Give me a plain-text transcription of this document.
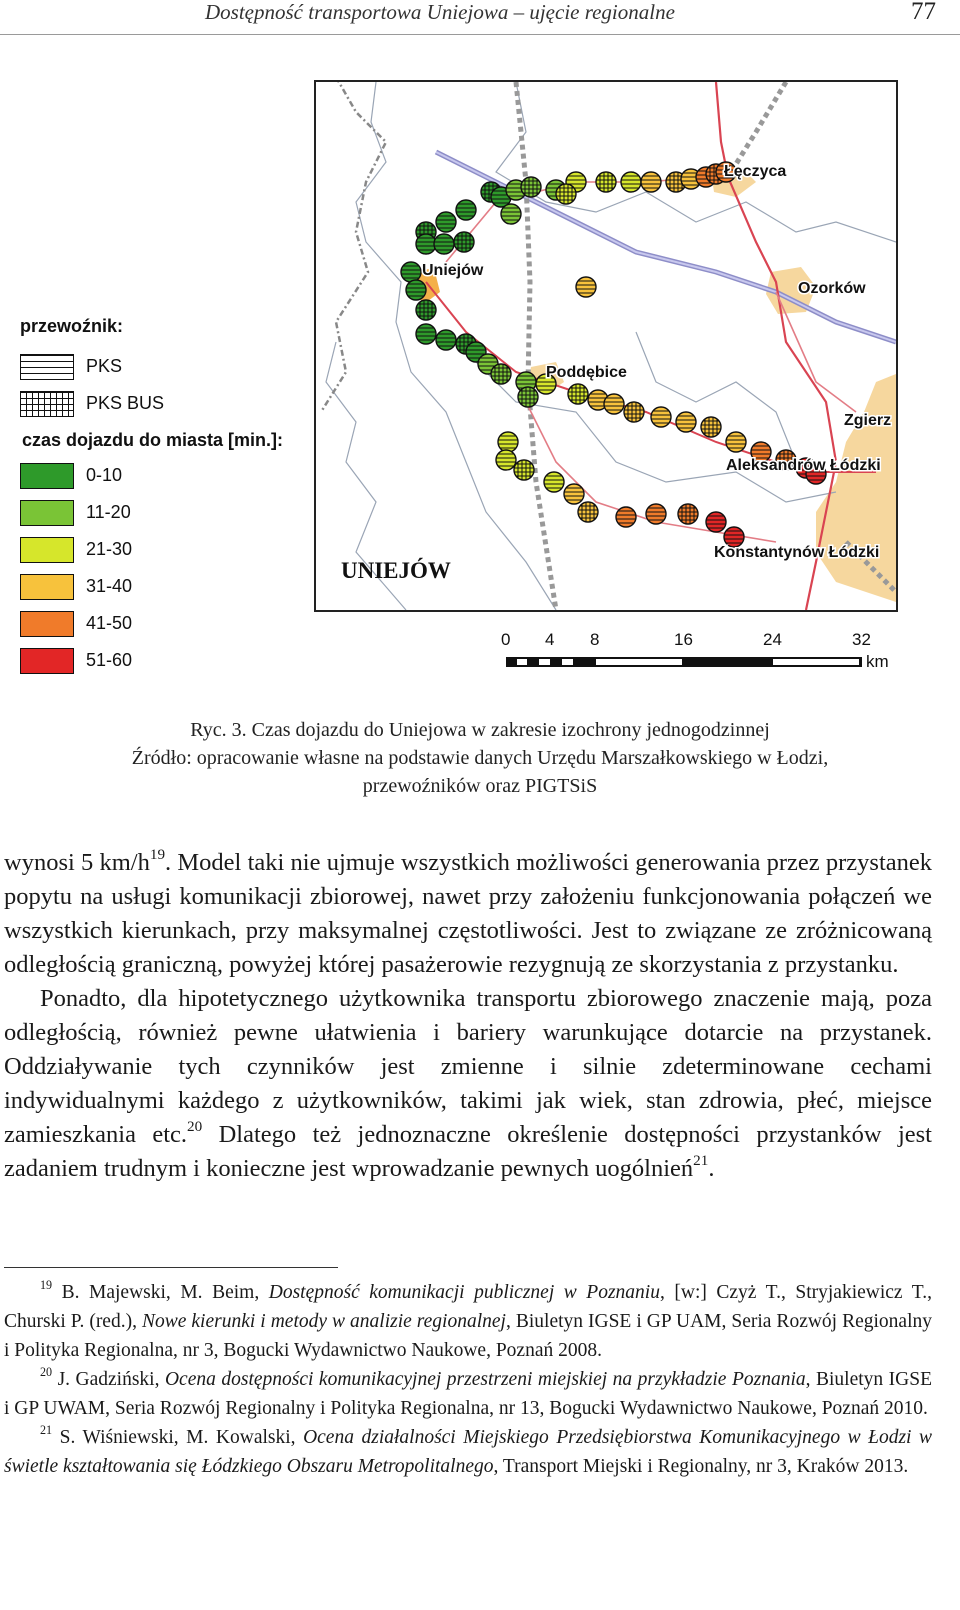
Dostępność transportowa Uniejowa – ujęcie regionalne	77
przewoźnik:
PKS
PKS BUS
czas dojazdu do miasta [min.]:
0-10
11-20
21-30
31-40
41-50
51-60
Łęczyca
Uniejów
Ozorków
Poddębice
Zgierz
Aleksandrów Łódzki
Konstantynów Łódzki
UNIEJÓW
0 4 8	16	24	32
km
Ryc. 3. Czas dojazdu do Uniejowa w zakresie izochrony jednogodzinnej
Źródło: opracowanie własne na podstawie danych Urzędu Marszałkowskiego w Łodzi,
przewoźników oraz PIGTSiS

wynosi 5 $km/h^{19}$. Model taki nie ujmuje wszystkich możliwości generowania przez przystanek popytu na usługi komunikacji zbiorowej, nawet przy założeniu funkcjonowania połączeń we wszystkich kierunkach, przy maksymalnej częstotliwości. Jest to związane ze zróżnicowaną odległością graniczną, powyżej której pasażerowie rezygnują ze skorzystania z przystanku.

Ponadto, dla hipotetycznego użytkownika transportu zbiorowego znaczenie mają, poza odległością, również pewne ułatwienia i bariery warunkujące dotarcie na przystanek. Oddziaływanie tych czynników jest zmienne i silnie zdeterminowane cechami indywidualnymi każdego z użytkowników, takimi jak wiek, stan zdrowia, płeć, miejsce zamieszkania etc.$^{20}$ Dlatego też jednoznaczne określenie dostępności przystanków jest zadaniem trudnym i konieczne jest wprowadzanie pewnych uogólnień$^{21}$.

$^{19}$ B. Majewski, M. Beim, Dostępność komunikacji publicznej w Poznaniu, [w:] Czyż T., Stryjakiewicz T., Churski P. (red.), Nowe kierunki i metody w analizie regionalnej, Biuletyn IGSE i GP UAM, Seria Rozwój Regionalny i Polityka Regionalna, nr 3, Bogucki Wydawnictwo Naukowe, Poznań 2008.

$^{20}$ J. Gadziński, Ocena dostępności komunikacyjnej przestrzeni miejskiej na przykładzie Poznania, Biuletyn IGSE i GP UWAM, Seria Rozwój Regionalny i Polityka Regionalna, nr 13, Bogucki Wydawnictwo Naukowe, Poznań 2010.

$^{21}$ S. Wiśniewski, M. Kowalski, Ocena działalności Miejskiego Przedsiębiorstwa Komunikacyjnego w Łodzi w świetle kształtowania się Łódzkiego Obszaru Metropolitalnego, Transport Miejski i Regionalny, nr 3, Kraków 2013.
